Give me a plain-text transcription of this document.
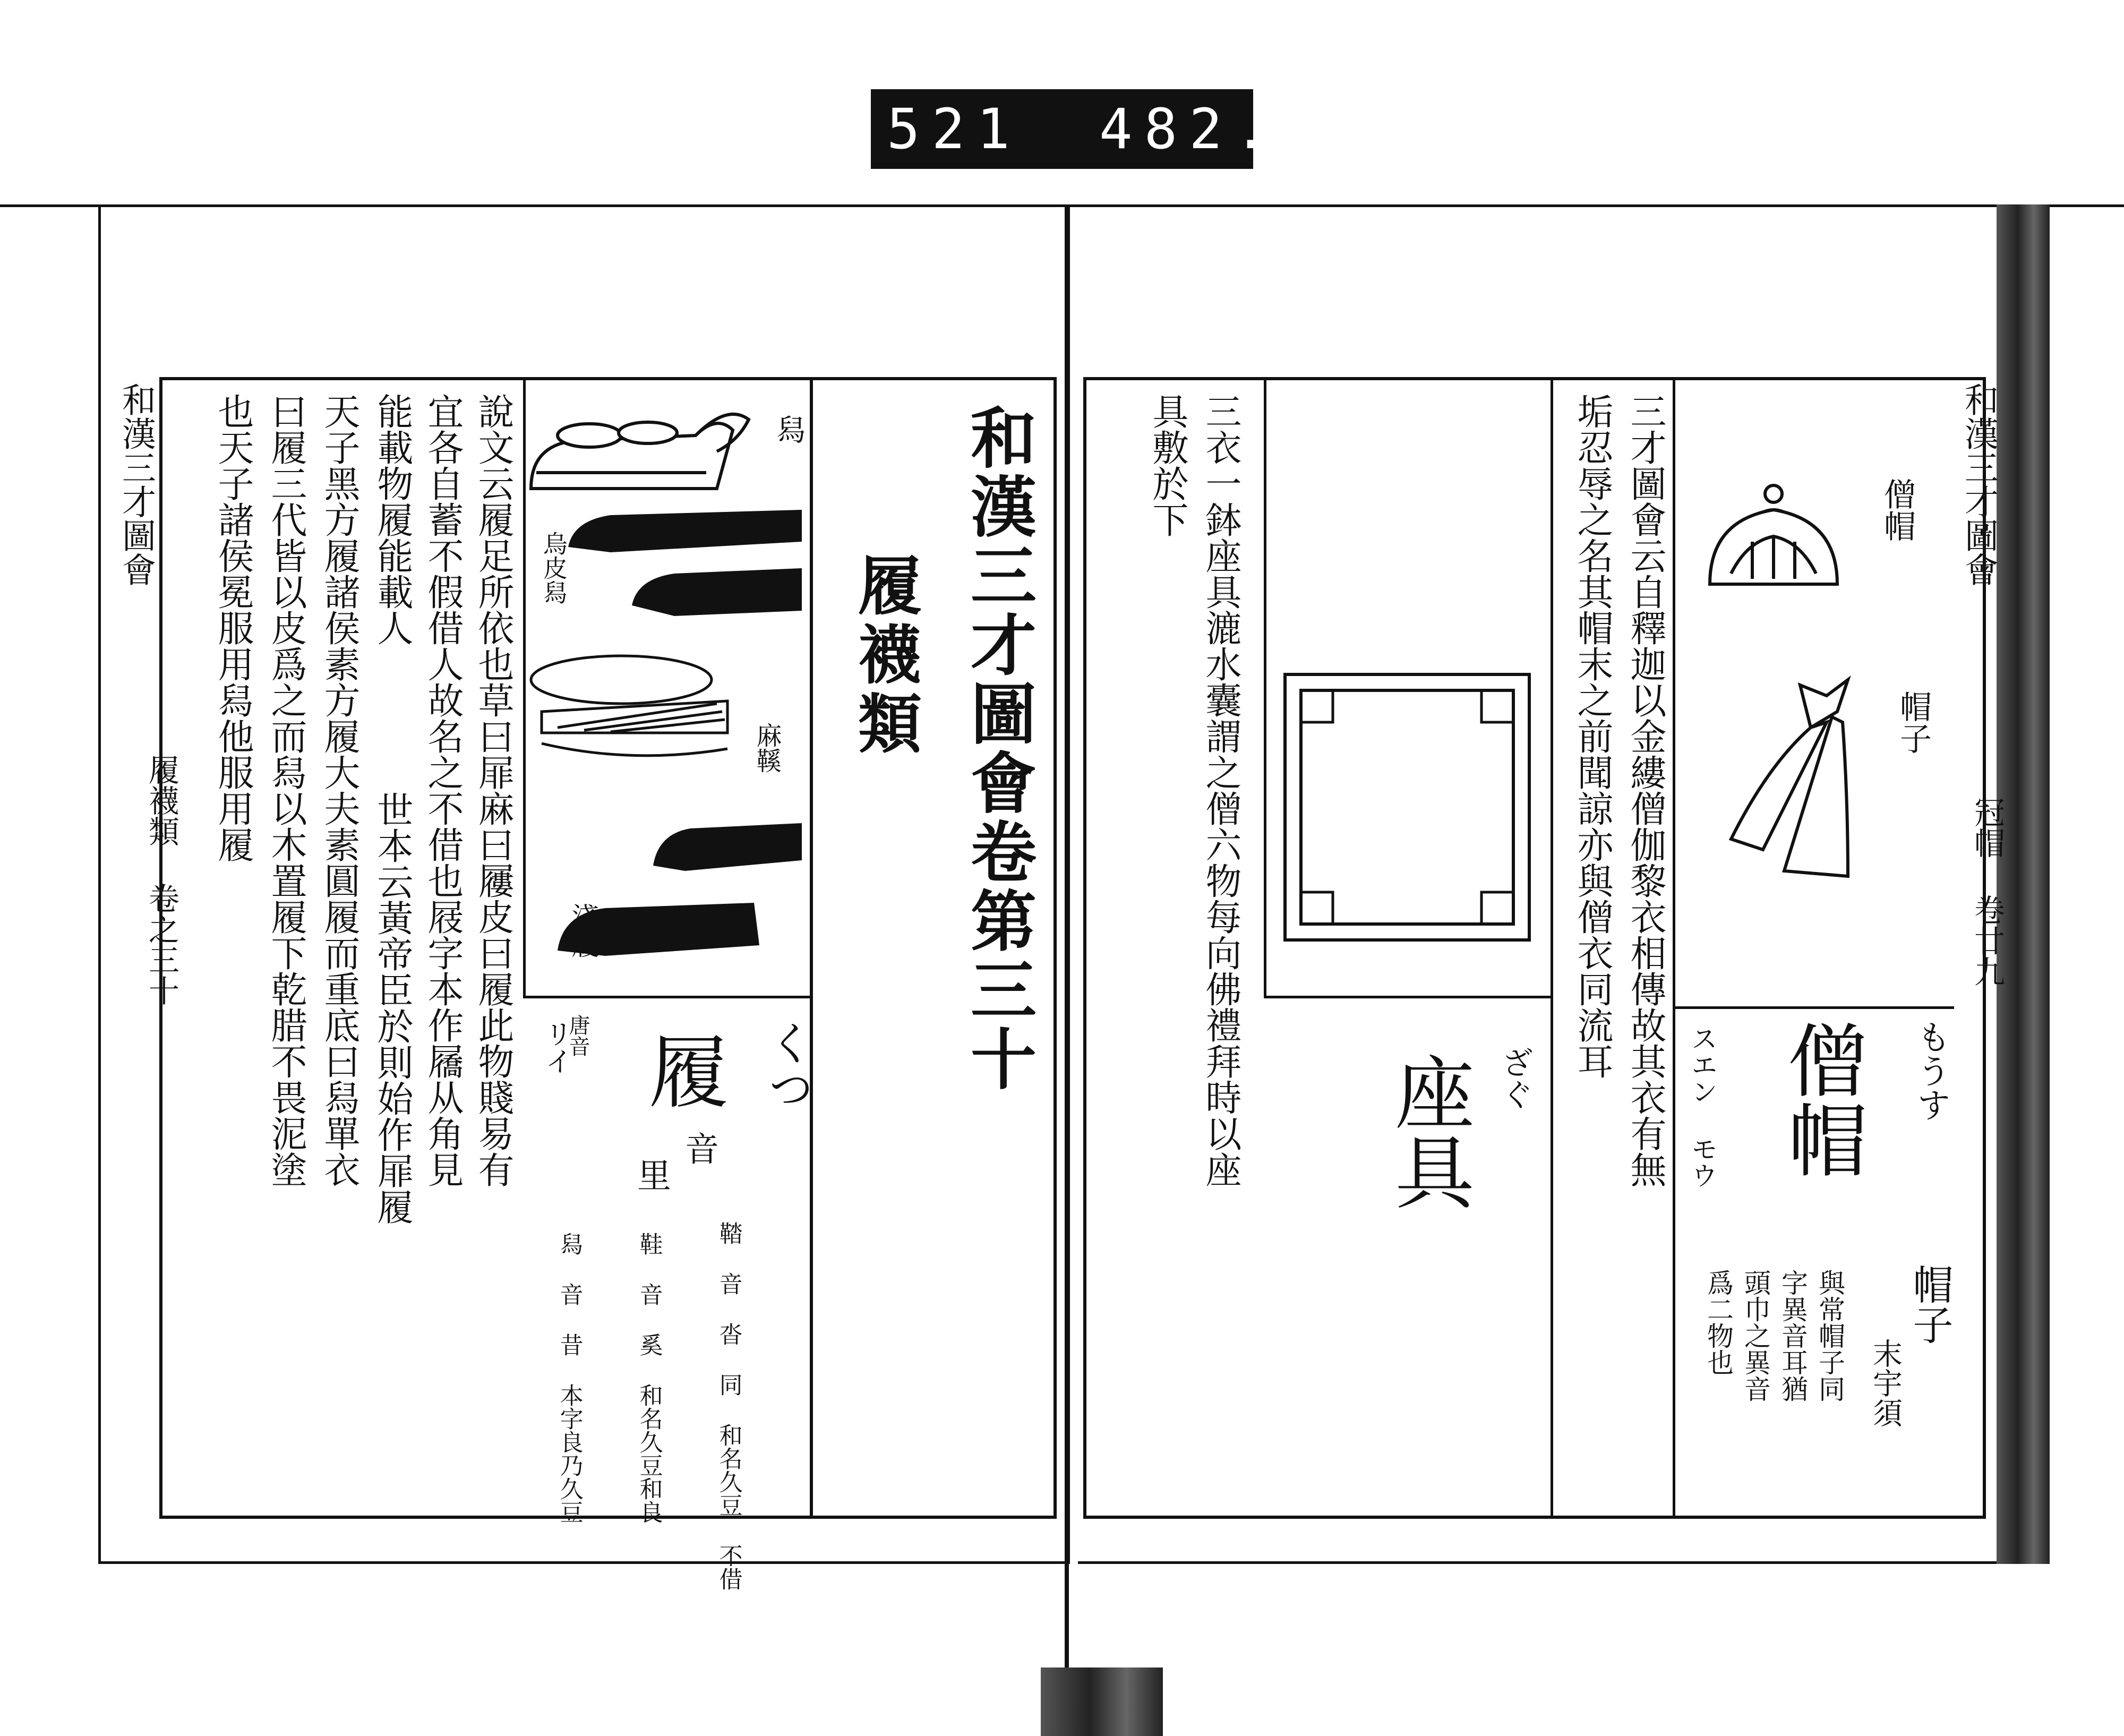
521 482.
和漢三才圖會
履襪類 卷之三十	和漢三才圖會卷第三十
履襪類
舄
烏皮舄
麻鞵
淺履
くつ
履
音
里
唐音
リイ
舄 音 昔 本字良乃久豆	鞋 音 奚 和名久豆和良	鞜 音 沓 同 和名久豆 不借
說文云履足所依也草曰屝麻曰屨皮曰履此物賤易有
宜各自蓄不假借人故名之不借也屐字本作屩从角見
能載物履能載人
世本云黃帝臣於則始作屝履
天子黑方履諸侯素方履大夫素圓履而重底曰舄單衣
曰履三代皆以皮爲之而舄以木置履下乾腊不畏泥塗
也天子諸侯冕服用舄他服用履	和漢三才圖會
冠帽 卷廿九
僧帽
帽子
もうす
僧帽
スエン モウ
帽子
末宇須
與常帽子同
字異音耳猶
頭巾之異音
爲二物也
三才圖會云自釋迦以金縷僧伽黎衣相傳故其衣有無
垢忍辱之名其帽末之前聞諒亦與僧衣同流耳
ざぐ
座具
三衣一鉢座具漉水囊謂之僧六物每向佛禮拜時以座
具敷於下
